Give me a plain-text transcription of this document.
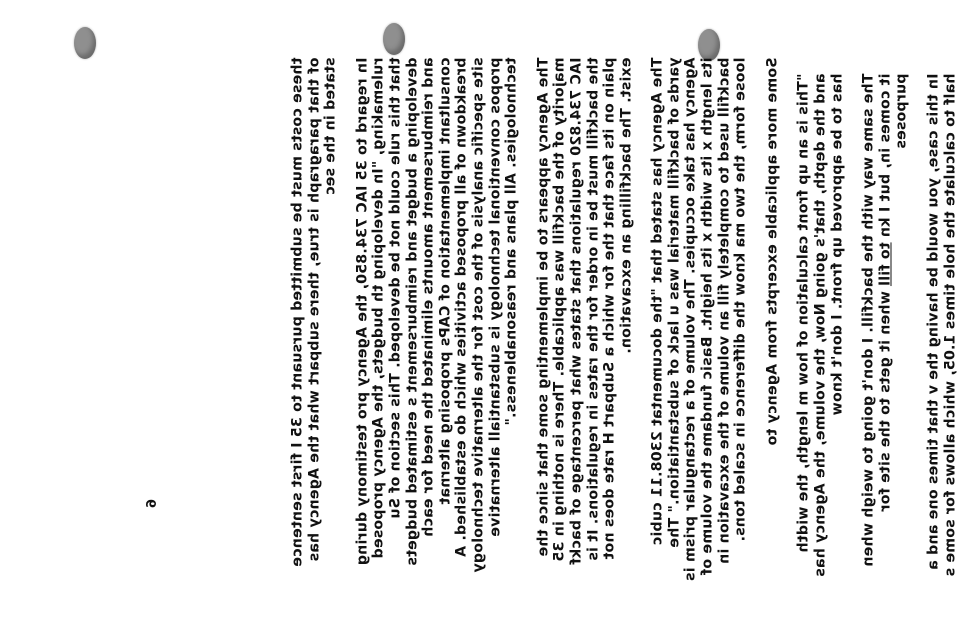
these costs must be submitted pursuant to 35 I first sentence of that paragraph is true, there subpart what the Agency has stated in the sec In regard to 35 IAC 734.850, the Agency pro testimony during rulemaking, "In developing th budgets, the Agency proposed that this rule could not be developed. This section of Su developing a budget and reimbursement s estimated budgets and reimbursement amounts eliminated the need for each consultant implementation of CAPs proposing alternat breakdown of all proposed activities which do established. A site specific analysis of the cost for the alternative technology propos conventional technology is substantiall alternative technologies. All plans and reasonableness." The Agency appears to be implementing some that since the majority of the backfill was applicable. There is nothing in 35 IAC 734.820 regulations that states what percentage of backf the backfill must be in order for the rates in regulations. It is plain on its face that the for which a Subpart H rate does not exist. The backfilling an excavation. The Agency has stated that "the documentat 2308.11 cubic yards of backfill material was u lack of substantiation." The Agency has take occupies. The volume of a rectangular prism is its length x its width x its height. Basic fundame the volume of backfill used to completely fill an volume of the excavation in loose form, the two ma know the difference in scaled tons. Some more applicable excerpts from Agency to "This is an up front calculation of how m length, the width and the depth, that's going Now, the volume, the Agency has has to be approved up front. I don't know The same way with the backfill. I don't going to weigh when it comes in, but I kn to fill when it gets to the site for purposes In this case, you would be having the v that times one and a half to calculate the hole times 1.05, which allows for some s

6
